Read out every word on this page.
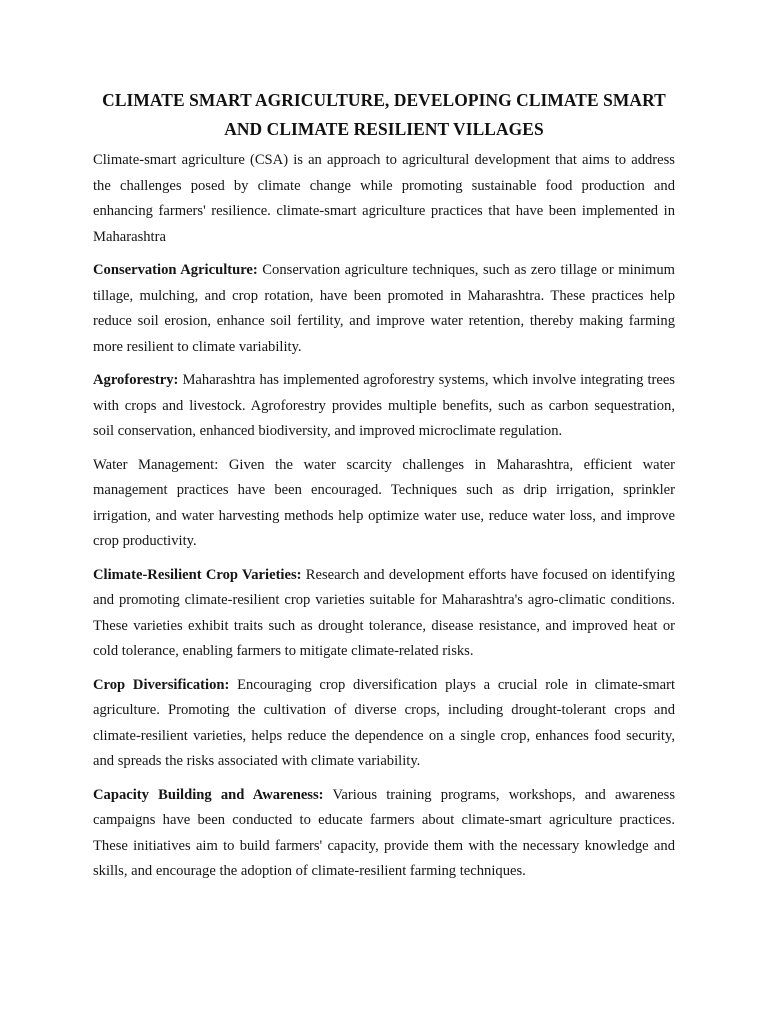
CLIMATE SMART AGRICULTURE, DEVELOPING CLIMATE SMART AND CLIMATE RESILIENT VILLAGES

Climate-smart agriculture (CSA) is an approach to agricultural development that aims to address the challenges posed by climate change while promoting sustainable food production and enhancing farmers' resilience. climate-smart agriculture practices that have been implemented in Maharashtra

Conservation Agriculture: Conservation agriculture techniques, such as zero tillage or minimum tillage, mulching, and crop rotation, have been promoted in Maharashtra. These practices help reduce soil erosion, enhance soil fertility, and improve water retention, thereby making farming more resilient to climate variability.

Agroforestry: Maharashtra has implemented agroforestry systems, which involve integrating trees with crops and livestock. Agroforestry provides multiple benefits, such as carbon sequestration, soil conservation, enhanced biodiversity, and improved microclimate regulation.

Water Management: Given the water scarcity challenges in Maharashtra, efficient water management practices have been encouraged. Techniques such as drip irrigation, sprinkler irrigation, and water harvesting methods help optimize water use, reduce water loss, and improve crop productivity.

Climate-Resilient Crop Varieties: Research and development efforts have focused on identifying and promoting climate-resilient crop varieties suitable for Maharashtra's agro-climatic conditions. These varieties exhibit traits such as drought tolerance, disease resistance, and improved heat or cold tolerance, enabling farmers to mitigate climate-related risks.

Crop Diversification: Encouraging crop diversification plays a crucial role in climate-smart agriculture. Promoting the cultivation of diverse crops, including drought-tolerant crops and climate-resilient varieties, helps reduce the dependence on a single crop, enhances food security, and spreads the risks associated with climate variability.

Capacity Building and Awareness: Various training programs, workshops, and awareness campaigns have been conducted to educate farmers about climate-smart agriculture practices. These initiatives aim to build farmers' capacity, provide them with the necessary knowledge and skills, and encourage the adoption of climate-resilient farming techniques.
